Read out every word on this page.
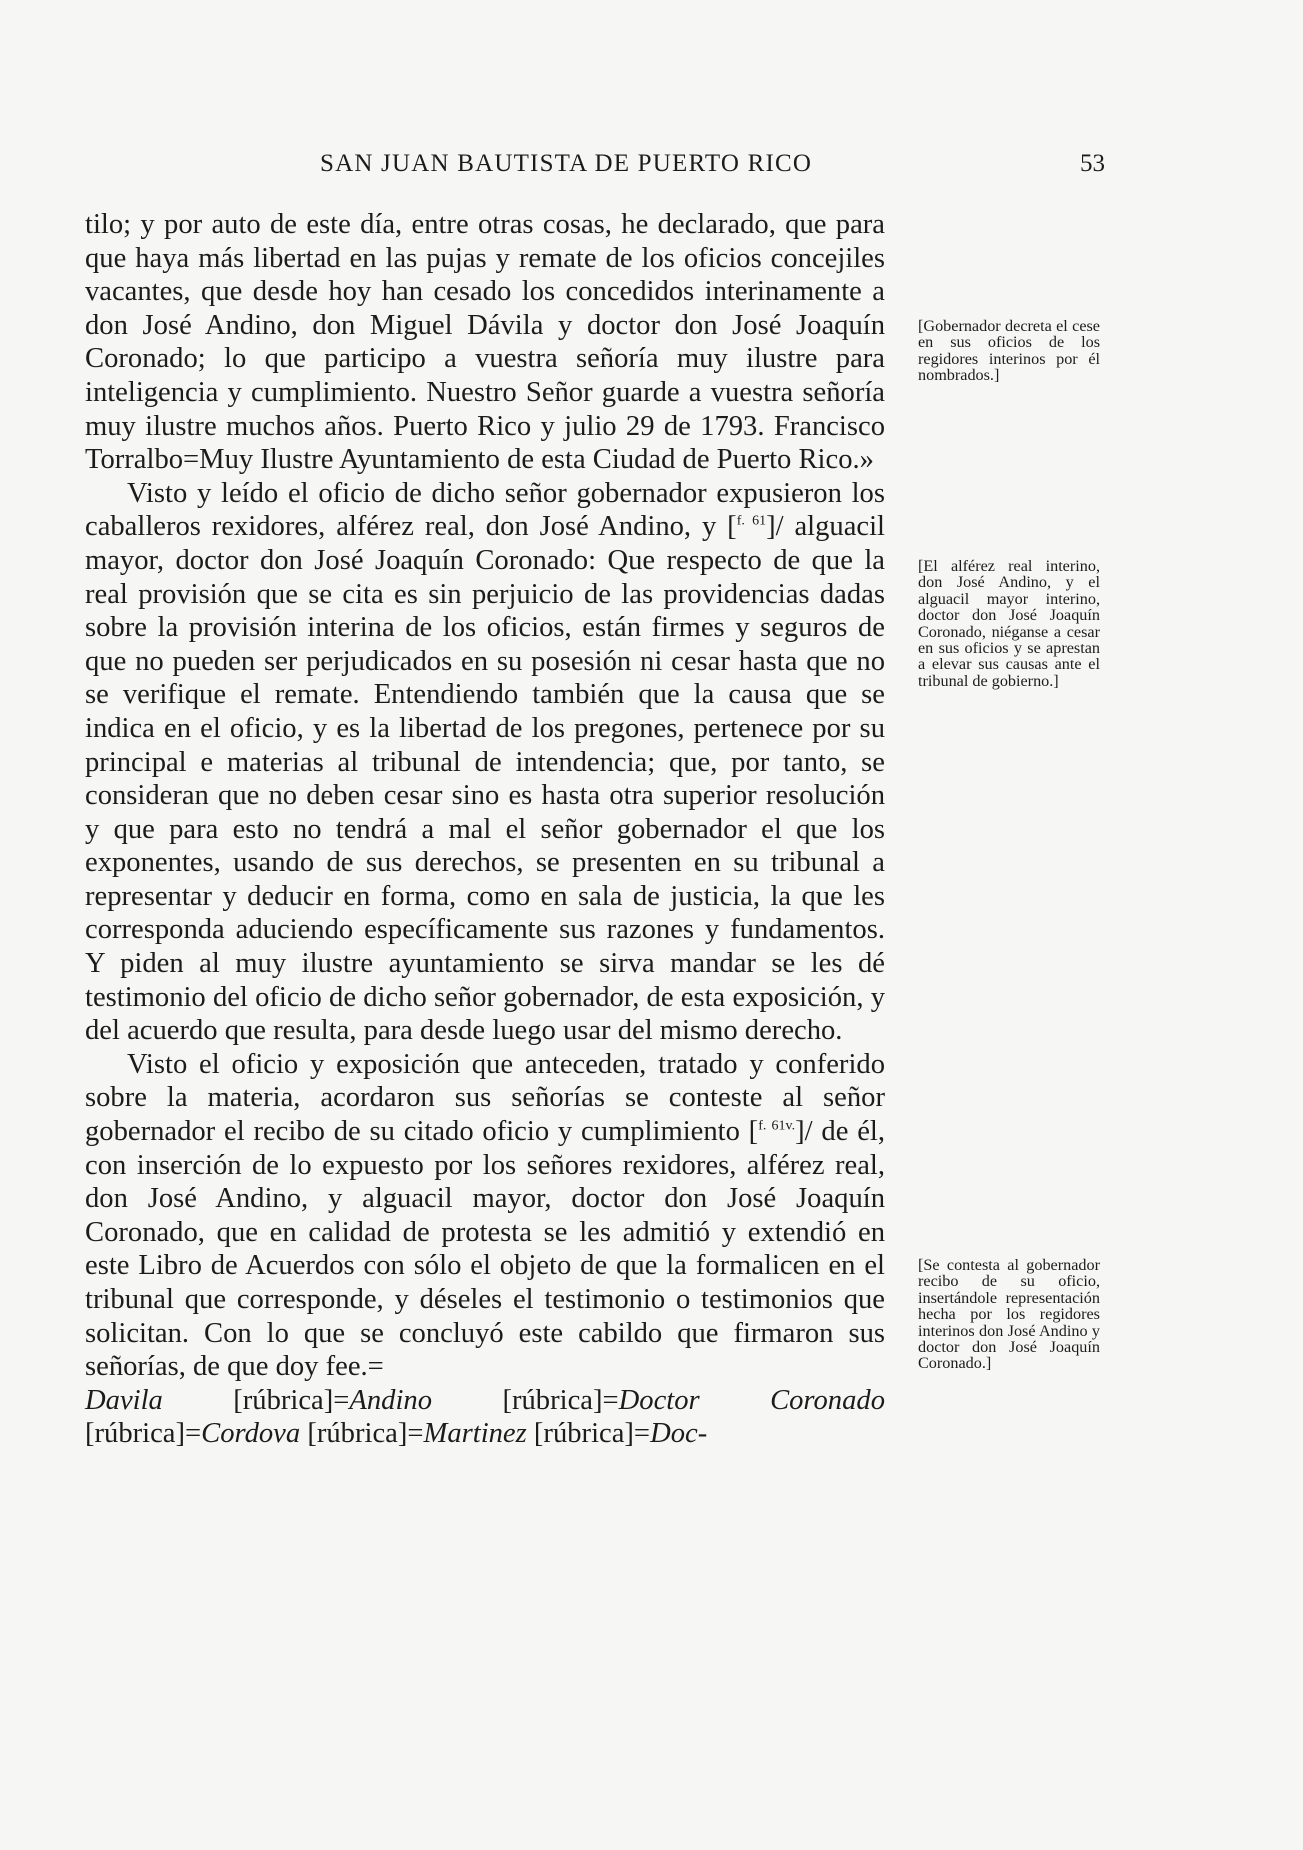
SAN JUAN BAUTISTA DE PUERTO RICO	53

tilo; y por auto de este día, entre otras cosas, he declarado, que para que haya más libertad en las pujas y remate de los oficios concejiles vacantes, que desde hoy han cesado los concedidos interinamente a don José Andino, don Miguel Dávila y doctor don José Joaquín Coronado; lo que participo a vuestra señoría muy ilustre para inteligencia y cumplimiento. Nuestro Señor guarde a vuestra señoría muy ilustre muchos años. Puerto Rico y julio 29 de 1793. Francisco Torralbo=Muy Ilustre Ayuntamiento de esta Ciudad de Puerto Rico.»

Visto y leído el oficio de dicho señor gobernador expusieron los caballeros rexidores, alférez real, don José Andino, y [$^{f. 61}$]/ alguacil mayor, doctor don José Joaquín Coronado: Que respecto de que la real provisión que se cita es sin perjuicio de las providencias dadas sobre la provisión interina de los oficios, están firmes y seguros de que no pueden ser perjudicados en su posesión ni cesar hasta que no se verifique el remate. Entendiendo también que la causa que se indica en el oficio, y es la libertad de los pregones, pertenece por su principal e materias al tribunal de intendencia; que, por tanto, se consideran que no deben cesar sino es hasta otra superior resolución y que para esto no tendrá a mal el señor gobernador el que los exponentes, usando de sus derechos, se presenten en su tribunal a representar y deducir en forma, como en sala de justicia, la que les corresponda aduciendo específicamente sus razones y fundamentos. Y piden al muy ilustre ayuntamiento se sirva mandar se les dé testimonio del oficio de dicho señor gobernador, de esta exposición, y del acuerdo que resulta, para desde luego usar del mismo derecho.

Visto el oficio y exposición que anteceden, tratado y conferido sobre la materia, acordaron sus señorías se conteste al señor gobernador el recibo de su citado oficio y cumplimiento [$^{f. 61v.}$]/ de él, con inserción de lo expuesto por los señores rexidores, alférez real, don José Andino, y alguacil mayor, doctor don José Joaquín Coronado, que en calidad de protesta se les admitió y extendió en este Libro de Acuerdos con sólo el objeto de que la formalicen en el tribunal que corresponde, y déseles el testimonio o testimonios que solicitan. Con lo que se concluyó este cabildo que firmaron sus señorías, de que doy fee.=
Davila [rúbrica]=Andino [rúbrica]=Doctor Coronado [rúbrica]=Cordova [rúbrica]=Martinez [rúbrica]=Doc-

[Gobernador decreta el cese en sus oficios de los regidores interinos por él nombrados.]
[El alférez real interino, don José Andino, y el alguacil mayor interino, doctor don José Joaquín Coronado, niéganse a cesar en sus oficios y se aprestan a elevar sus causas ante el tribunal de gobierno.]
[Se contesta al gobernador recibo de su oficio, insertándole representación hecha por los regidores interinos don José Andino y doctor don José Joaquín Coronado.]
